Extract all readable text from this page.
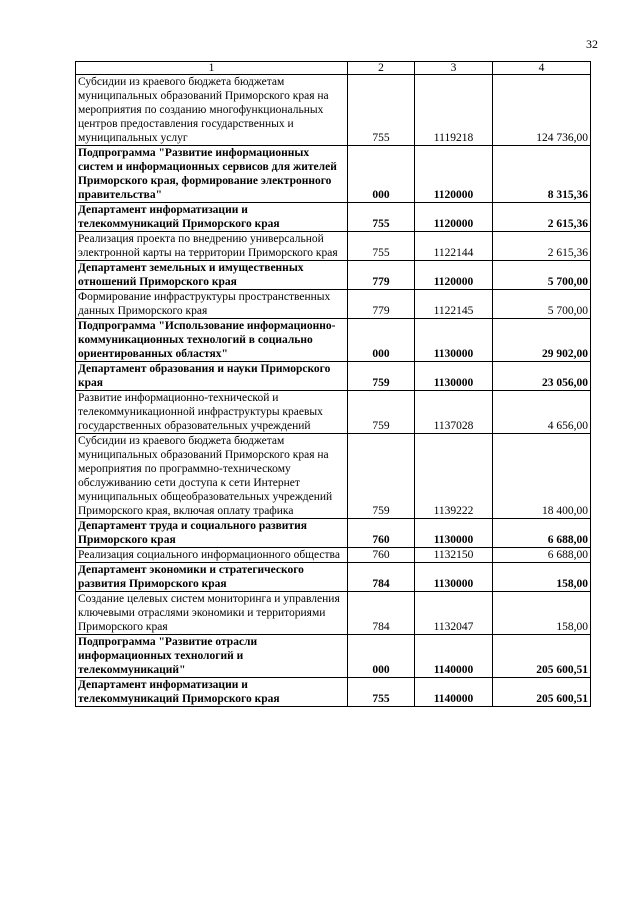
32
1	2	3	4
Субсидии из краевого бюджета бюджетам муниципальных образований Приморского края на мероприятия по созданию многофункциональных центров предоставления государственных и муниципальных услуг	755	1119218	124 736,00
Подпрограмма "Развитие информационных систем и информационных сервисов для жителей Приморского края, формирование электронного правительства"	000	1120000	8 315,36
Департамент информатизации и телекоммуникаций Приморского края	755	1120000	2 615,36
Реализация проекта по внедрению универсальной электронной карты на территории Приморского края	755	1122144	2 615,36
Департамент земельных и имущественных отношений Приморского края	779	1120000	5 700,00
Формирование инфраструктуры пространственных данных Приморского края	779	1122145	5 700,00
Подпрограмма "Использование информационно-коммуникационных технологий в социально ориентированных областях"	000	1130000	29 902,00
Департамент образования и науки Приморского края	759	1130000	23 056,00
Развитие информационно-технической и телекоммуникационной инфраструктуры краевых государственных образовательных учреждений	759	1137028	4 656,00
Субсидии из краевого бюджета бюджетам муниципальных образований Приморского края на мероприятия по программно-техническому обслуживанию сети доступа к сети Интернет муниципальных общеобразовательных учреждений Приморского края, включая оплату трафика	759	1139222	18 400,00
Департамент труда и социального развития Приморского края	760	1130000	6 688,00
Реализация социального информационного общества	760	1132150	6 688,00
Департамент экономики и стратегического развития Приморского края	784	1130000	158,00
Создание целевых систем мониторинга и управления ключевыми отраслями экономики и территориями Приморского края	784	1132047	158,00
Подпрограмма "Развитие отрасли информационных технологий и телекоммуникаций"	000	1140000	205 600,51
Департамент информатизации и телекоммуникаций Приморского края	755	1140000	205 600,51
